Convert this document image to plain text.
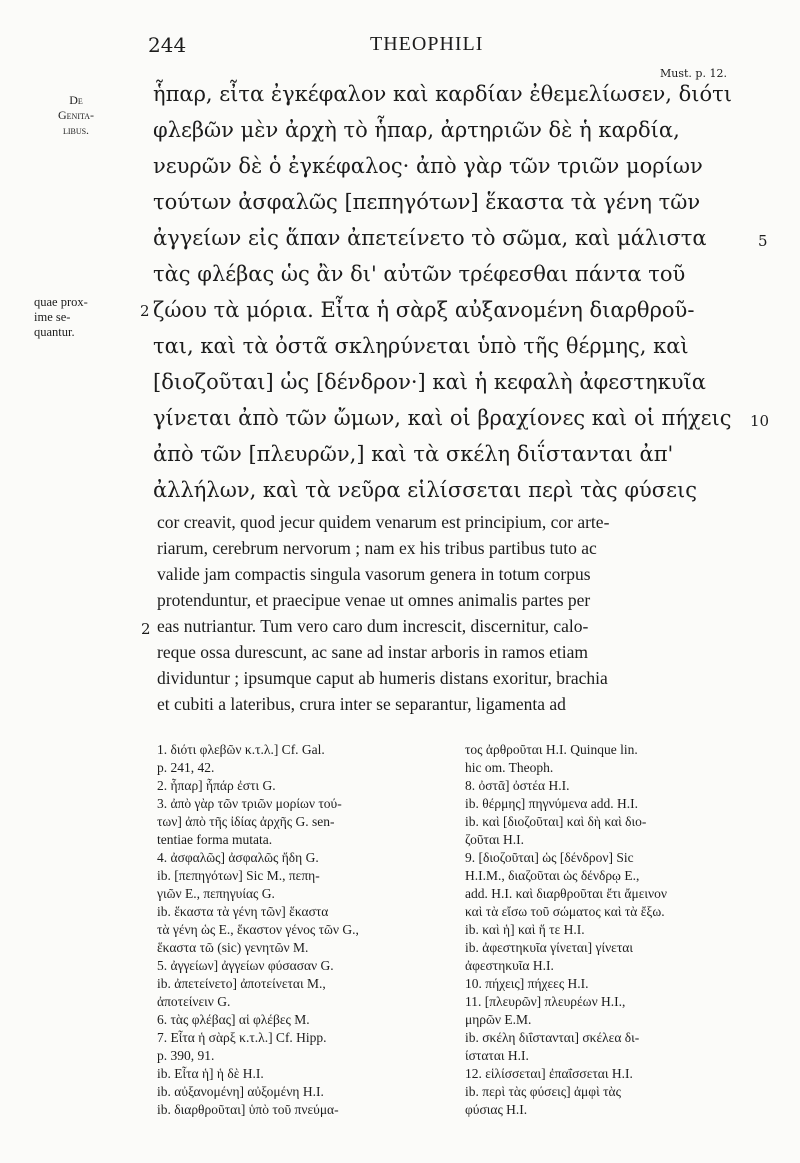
244	THEOPHILI
Must. p. 12.
De
Genita-
libus.
quae prox-
ime se-
quantur.
ἧπαρ, εἶτα ἐγκέφαλον καὶ καρδίαν ἐθεμελίωσεν, διότι
φλεβῶν μὲν ἀρχὴ τὸ ἧπαρ, ἀρτηριῶν δὲ ἡ καρδία,
νευρῶν δὲ ὁ ἐγκέφαλος· ἀπὸ γὰρ τῶν τριῶν μορίων
τούτων ἀσφαλῶς [πεπηγότων] ἕκαστα τὰ γένη τῶν
ἀγγείων εἰς ἅπαν ἀπετείνετο τὸ σῶμα, καὶ μάλιστα
τὰς φλέβας ὡς ἂν δι' αὐτῶν τρέφεσθαι πάντα τοῦ
ζώου τὰ μόρια. Εἶτα ἡ σὰρξ αὐξανομένη διαρθροῦ-
ται, καὶ τὰ ὀστᾶ σκληρύνεται ὑπὸ τῆς θέρμης, καὶ
[διοζοῦται] ὡς [δένδρον·] καὶ ἡ κεφαλὴ ἀφεστηκυῖα
γίνεται ἀπὸ τῶν ὤμων, καὶ οἱ βραχίονες καὶ οἱ πήχεις
ἀπὸ τῶν [πλευρῶν,] καὶ τὰ σκέλη διΐστανται ἀπ'
ἀλλήλων, καὶ τὰ νεῦρα εἱλίσσεται περὶ τὰς φύσεις
2
5
10
cor creavit, quod jecur quidem venarum est principium, cor arte-
riarum, cerebrum nervorum ; nam ex his tribus partibus tuto ac
valide jam compactis singula vasorum genera in totum corpus
protenduntur, et praecipue venae ut omnes animalis partes per
eas nutriantur. Tum vero caro dum increscit, discernitur, calo-
reque ossa durescunt, ac sane ad instar arboris in ramos etiam
dividuntur ; ipsumque caput ab humeris distans exoritur, brachia
et cubiti a lateribus, crura inter se separantur, ligamenta ad
2
1. διότι φλεβῶν κ.τ.λ.] Cf. Gal.
p. 241, 42.
2. ἧπαρ] ἧπάρ ἐστι G.
3. ἀπὸ γὰρ τῶν τριῶν μορίων τού-
των] ἀπὸ τῆς ἰδίας ἀρχῆς G. sen-
tentiae forma mutata.
4. ἀσφαλῶς] ἀσφαλῶς ἤδη G.
ib. [πεπηγότων] Sic M., πεπη-
γιῶν E., πεπηγυίας G.
ib. ἕκαστα τὰ γένη τῶν] ἕκαστα
τὰ γένη ὡς E., ἕκαστον γένος τῶν G.,
ἕκαστα τῶ (sic) γενητῶν M.
5. ἀγγείων] ἀγγείων φύσασαν G.
ib. ἀπετείνετο] ἀποτείνεται M.,
ἀποτείνειν G.
6. τὰς φλέβας] αἱ φλέβες M.
7. Εἶτα ἡ σὰρξ κ.τ.λ.] Cf. Hipp.
p. 390, 91.
ib. Εἶτα ἡ] ἡ δὲ H.I.
ib. αὐξανομένη] αὐξομένη H.I.
ib. διαρθροῦται] ὑπὸ τοῦ πνεύμα-
τος ἀρθροῦται H.I. Quinque lin.
hic om. Theoph.
8. ὀστᾶ] ὀστέα H.I.
ib. θέρμης] πηγνύμενα add. H.I.
ib. καὶ [διοζοῦται] καὶ δὴ καὶ διο-
ζοῦται H.I.
9. [διοζοῦται] ὡς [δένδρον] Sic
H.I.M., διαζοῦται ὡς δένδρῳ E.,
add. H.I. καὶ διαρθροῦται ἔτι ἄμεινον
καὶ τὰ εἴσω τοῦ σώματος καὶ τὰ ἔξω.
ib. καὶ ἡ] καὶ ἥ τε H.I.
ib. ἀφεστηκυῖα γίνεται] γίνεται
ἀφεστηκυῖα H.I.
10. πήχεις] πήχεες H.I.
11. [πλευρῶν] πλευρέων H.I.,
μηρῶν E.M.
ib. σκέλη διΐστανται] σκέλεα δι-
ίσταται H.I.
12. εἱλίσσεται] ἐπαΐσσεται H.I.
ib. περὶ τὰς φύσεις] ἀμφὶ τὰς
φύσιας H.I.
